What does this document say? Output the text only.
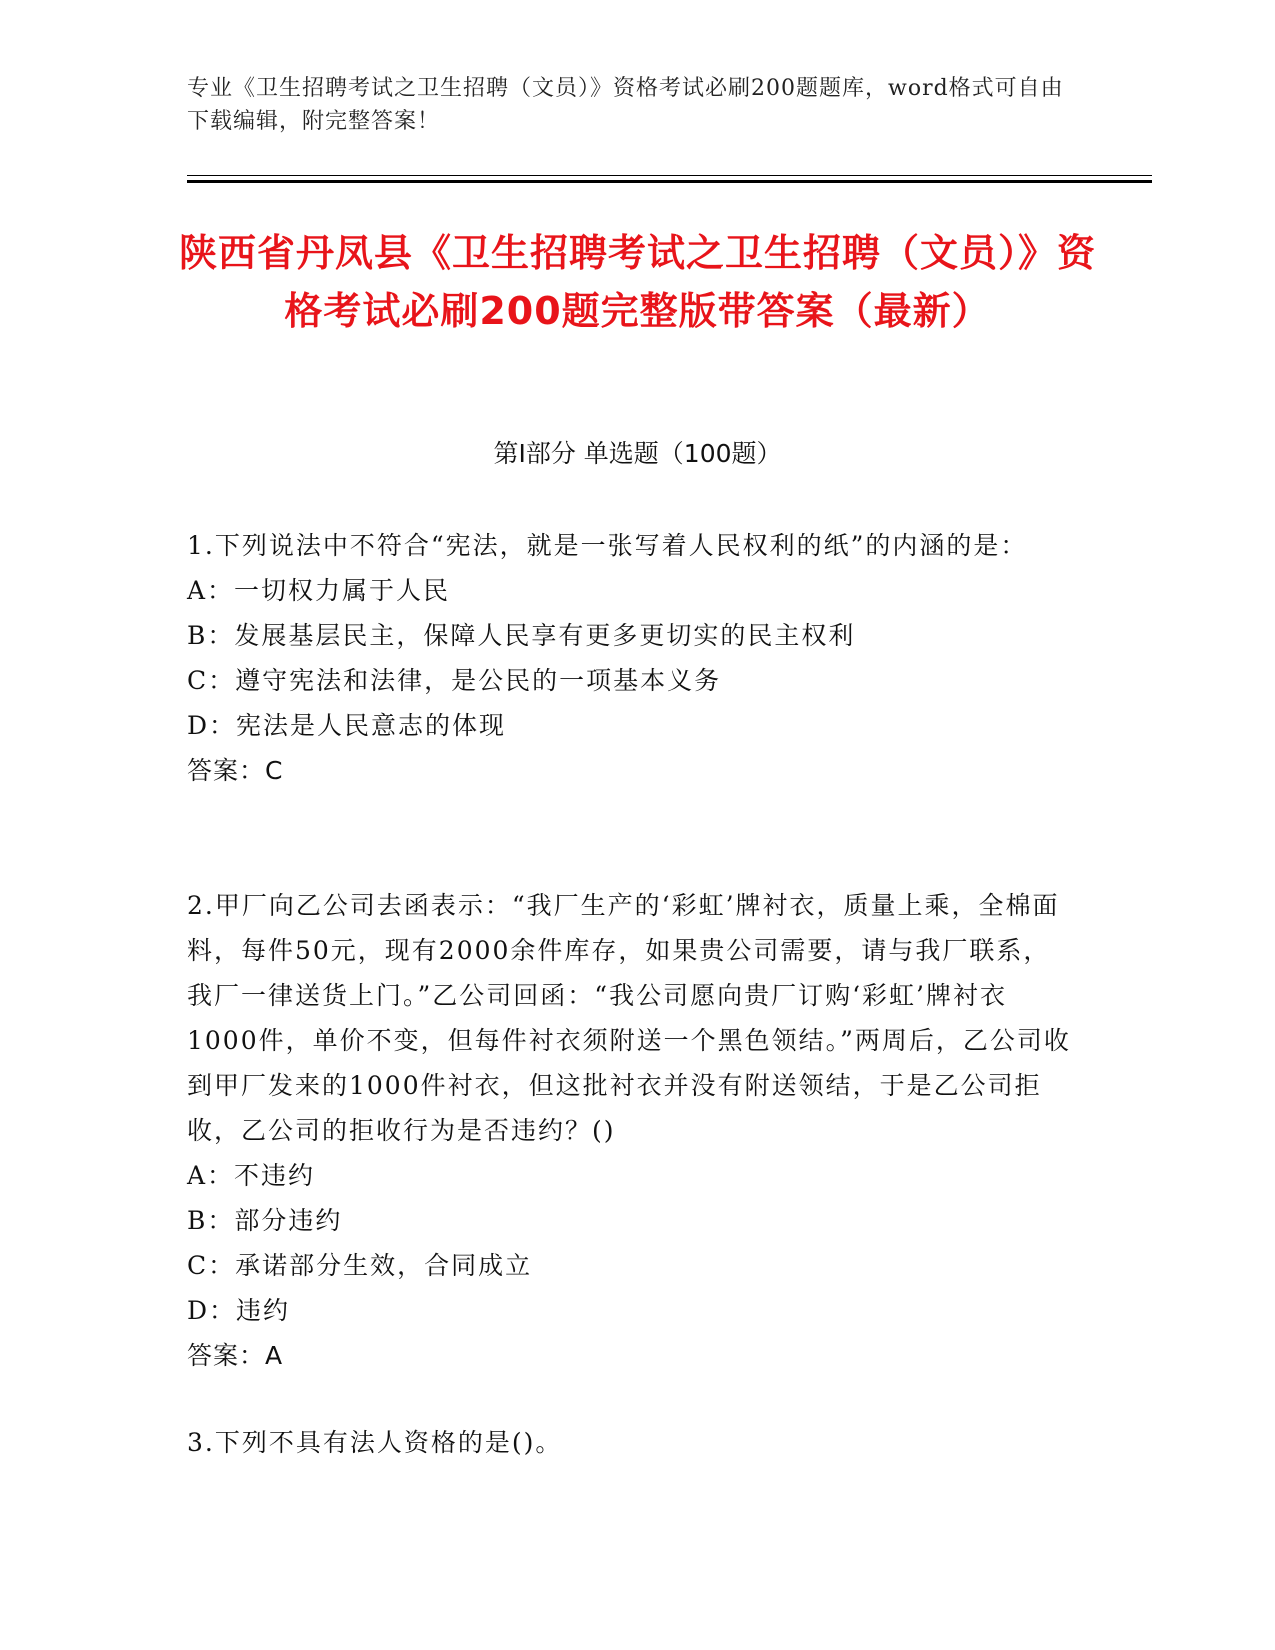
专业《卫生招聘考试之卫生招聘（文员）》资格考试必刷200题题库，word格式可自由下载编辑，附完整答案！
陕西省丹凤县《卫生招聘考试之卫生招聘（文员）》资格考试必刷200题完整版带答案（最新）
第I部分 单选题（100题）
1.下列说法中不符合“宪法，就是一张写着人民权利的纸”的内涵的是：
A：一切权力属于人民
B：发展基层民主，保障人民享有更多更切实的民主权利
C：遵守宪法和法律，是公民的一项基本义务
D：宪法是人民意志的体现
答案：C
2.甲厂向乙公司去函表示：“我厂生产的‘彩虹’牌衬衣，质量上乘，全棉面料，每件50元，现有2000余件库存，如果贵公司需要，请与我厂联系，我厂一律送货上门。”乙公司回函：“我公司愿向贵厂订购‘彩虹’牌衬衣1000件，单价不变，但每件衬衣须附送一个黑色领结。”两周后，乙公司收到甲厂发来的1000件衬衣，但这批衬衣并没有附送领结，于是乙公司拒收，乙公司的拒收行为是否违约？()
A：不违约
B：部分违约
C：承诺部分生效，合同成立
D：违约
答案：A
3.下列不具有法人资格的是()。
